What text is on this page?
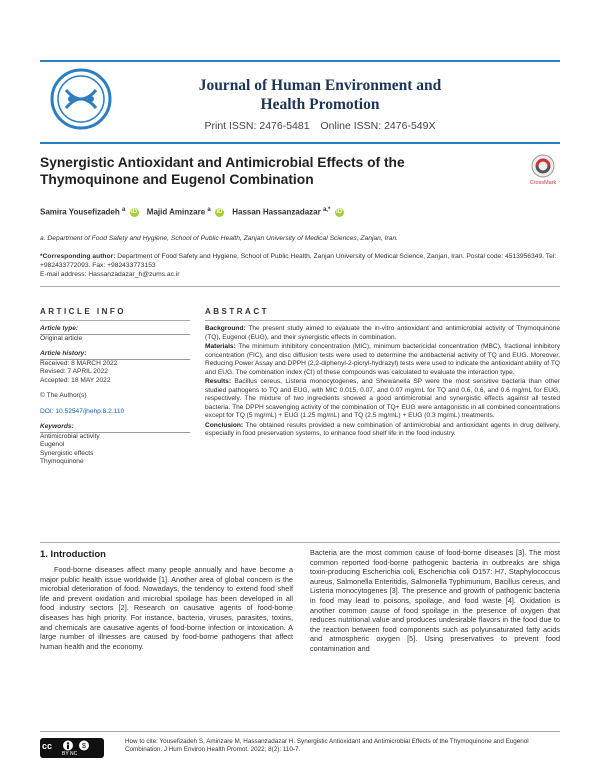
Journal of Human Environment and
Health Promotion
Print ISSN: 2476-5481 Online ISSN: 2476-549X
Synergistic Antioxidant and Antimicrobial Effects of the Thymoquinone and Eugenol Combination	CrossMark
Samira Yousefizadeh $^a$ iD Majid Aminzare $^a$ iD Hassan Hassanzadazar $^{a,*}$ iD
a. Department of Food Safety and Hygiene, School of Public Health, Zanjan University of Medical Sciences, Zanjan, Iran.
*Corresponding author: Department of Food Safety and Hygiene, School of Public Health, Zanjan University of Medical Science, Zanjan, Iran. Postal code: 4513956349. Tel: +982433772093. Fax: +982433773153
E-mail address: Hassanzadazar_h@zums.ac.ir
ARTICLE INFO	ABSTRACT
Article type:
Original article
Article history:
Received: 8 MARCH 2022
Revised: 7 APRIL 2022
Accepted: 18 MAY 2022
© The Author(s)
DOI: 10.52547/jhehp.8.2.110
Keywords:
Antimicrobial activity
Eugenol
Synergistic effects
Thymoquinone

Background: The present study aimed to evaluate the in-vitro antioxidant and antimicrobial activity of Thymoquinone (TQ), Eugenol (EUG), and their synergistic effects in combination.

Materials: The minimum inhibitory concentration (MIC), minimum bactericidal concentration (MBC), fractional inhibitory concentration (FIC), and disc diffusion tests were used to determine the antibacterial activity of TQ and EUG. Moreover, Reducing Power Assay and DPPH (2,2-diphenyl-2-picryl-hydrazyl) tests were used to indicate the antioxidant ability of TQ and EUG. The combination index (CI) of these compounds was calculated to evaluate the interaction type.

Results: Bacillus cereus, Listeria monocytogenes, and Shewanella SP were the most sensitive bacteria than other studied pathogens to TQ and EUG, with MIC 0.015, 0.07, and 0.07 mg/mL for TQ and 0.6, 0.6, and 0.6 mg/mL for EUG, respectively. The mixture of two ingredients showed a good antimicrobial and synergistic effects against all tested bacteria. The DPPH scavenging activity of the combination of TQ+ EUG were antagonistic in all combined concentrations except for TQ (5 mg/mL) + EUG (1.25 mg/mL) and TQ (2.5 mg/mL) + EUG (0.3 mg/mL) treatments.

Conclusion: The obtained results provided a new combination of antimicrobial and antioxidant agents in drug delivery, especially in food preservation systems, to enhance food shelf life in the food industry.

1. Introduction
Food-borne diseases affect many people annually and have become a major public health issue worldwide [1]. Another area of global concern is the microbial deterioration of food. Nowadays, the tendency to extend food shelf life and prevent oxidation and microbial spoilage has been developed in all food industry sectors [2]. Research on causative agents of food-borne diseases has high priority. For instance, bacteria, viruses, parasites, toxins, and chemicals are causative agents of food-borne infection or intoxication. A large number of illnesses are caused by food-borne pathogens that affect human health and the economy.
Bacteria are the most common cause of food-borne diseases [3]. The most common reported food-borne pathogenic bacteria in outbreaks are shiga toxin-producing Escherichia coli, Escherichia coli O157: H7, Staphylococcus aureus, Salmonella Enteritidis, Salmonella Typhimurium, Bacillus cereus, and Listeria monocytogenes [3]. The presence and growth of pathogenic bacteria in food may lead to poisons, spoilage, and food waste [4]. Oxidation is another common cause of food spoilage in the presence of oxygen that reduces nutritional value and produces undesirable flavors in the food due to the reaction between food components such as polyunsaturated fatty acids and atmospheric oxygen [5]. Using preservatives to prevent food contamination and
cc	$
BY NC
How to cite: Yousefizadeh S, Aminzare M, Hassanzadazar H. Synergistic Antioxidant and Antimicrobial Effects of the Thymoquinone and Eugenol Combination. J Hum Environ Health Promot. 2022; 8(2): 110-7.
